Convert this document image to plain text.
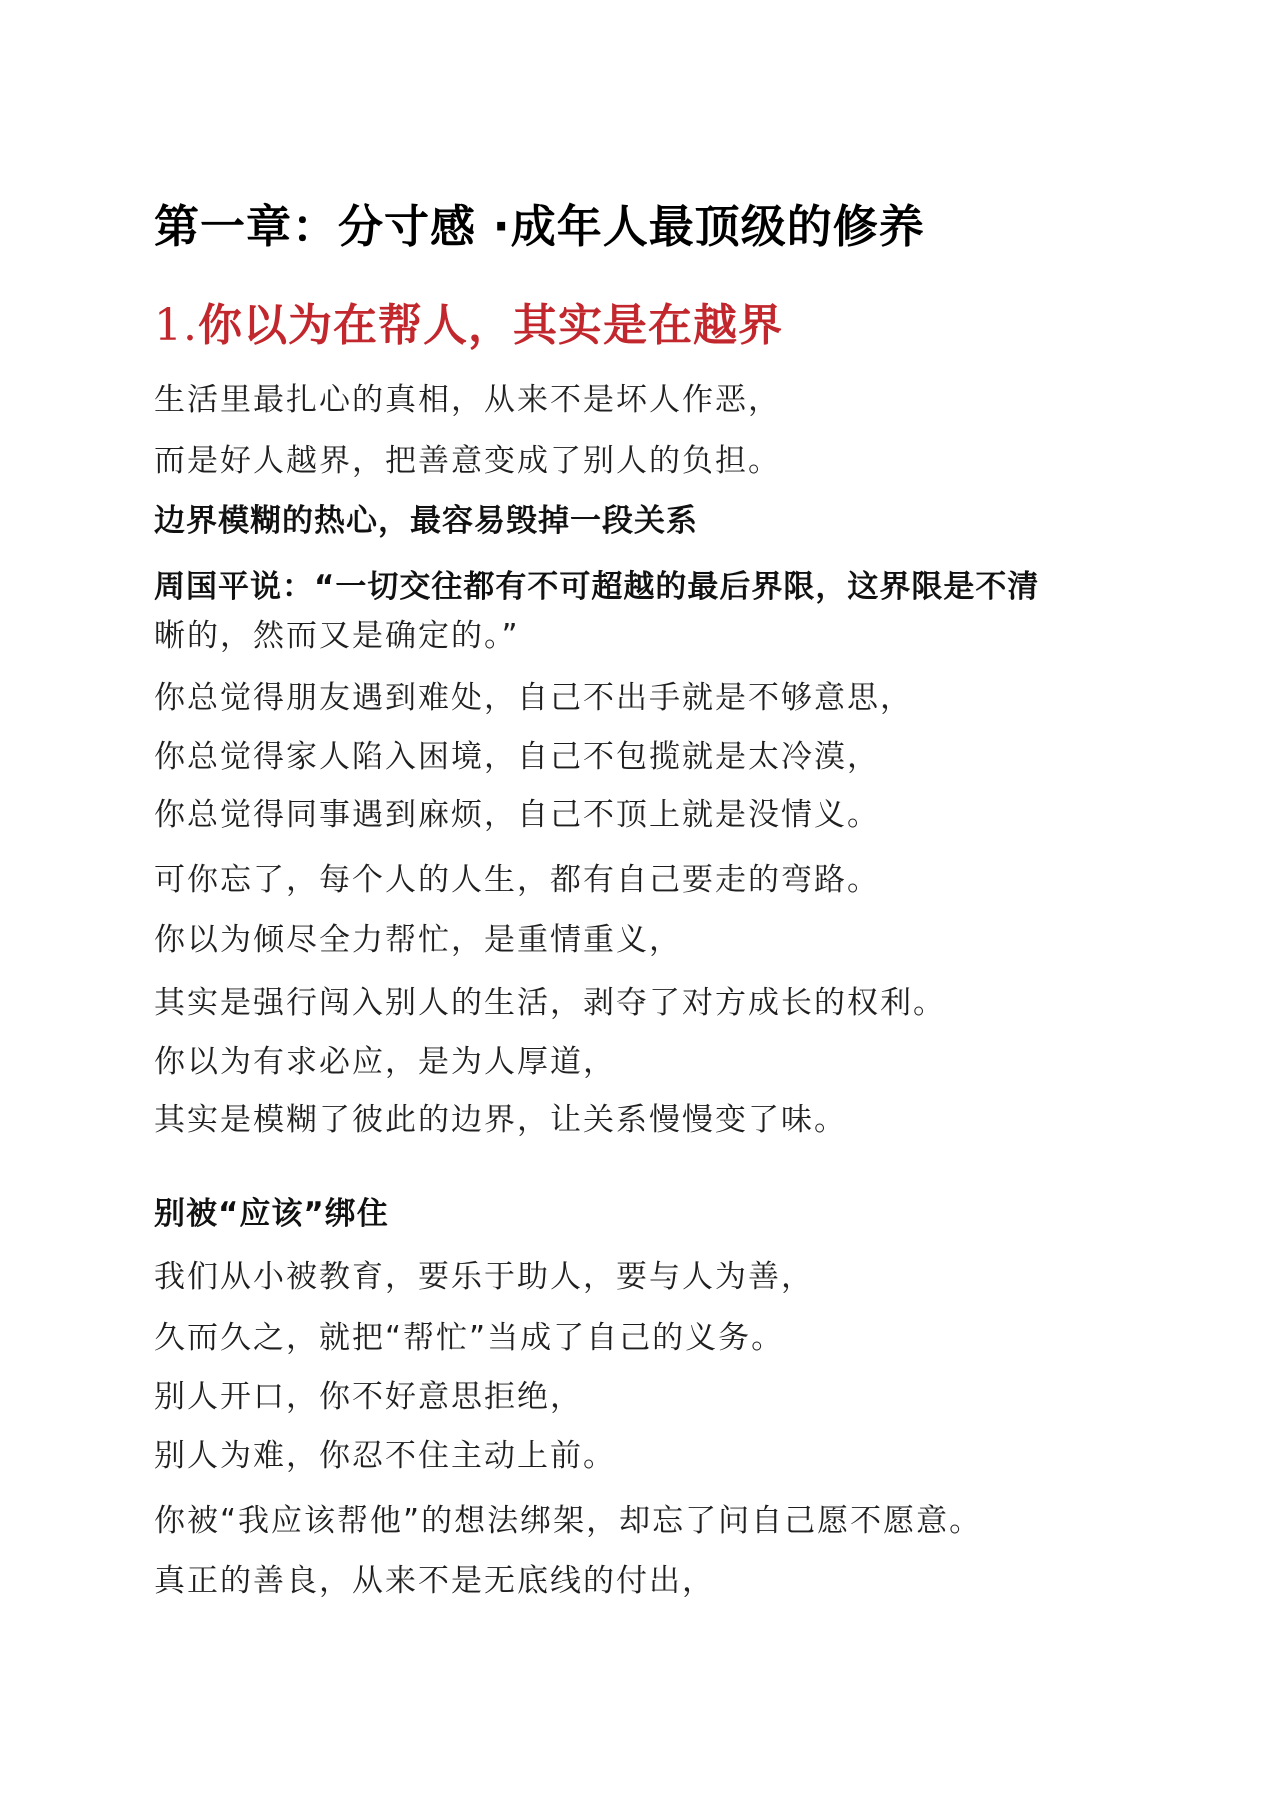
第一章：分寸感 ·成年人最顶级的修养
1.你以为在帮人，其实是在越界

生活里最扎心的真相，从来不是坏人作恶，

而是好人越界，把善意变成了别人的负担。

边界模糊的热心，最容易毁掉一段关系

周国平说：“一切交往都有不可超越的最后界限，这界限是不清

晰的，然而又是确定的。”

你总觉得朋友遇到难处，自己不出手就是不够意思，

你总觉得家人陷入困境，自己不包揽就是太冷漠，

你总觉得同事遇到麻烦，自己不顶上就是没情义。

可你忘了，每个人的人生，都有自己要走的弯路。

你以为倾尽全力帮忙，是重情重义，

其实是强行闯入别人的生活，剥夺了对方成长的权利。

你以为有求必应，是为人厚道，

其实是模糊了彼此的边界，让关系慢慢变了味。

别被“应该”绑住

我们从小被教育，要乐于助人，要与人为善，

久而久之，就把“帮忙”当成了自己的义务。

别人开口，你不好意思拒绝，

别人为难，你忍不住主动上前。

你被“我应该帮他”的想法绑架，却忘了问自己愿不愿意。

真正的善良，从来不是无底线的付出，
